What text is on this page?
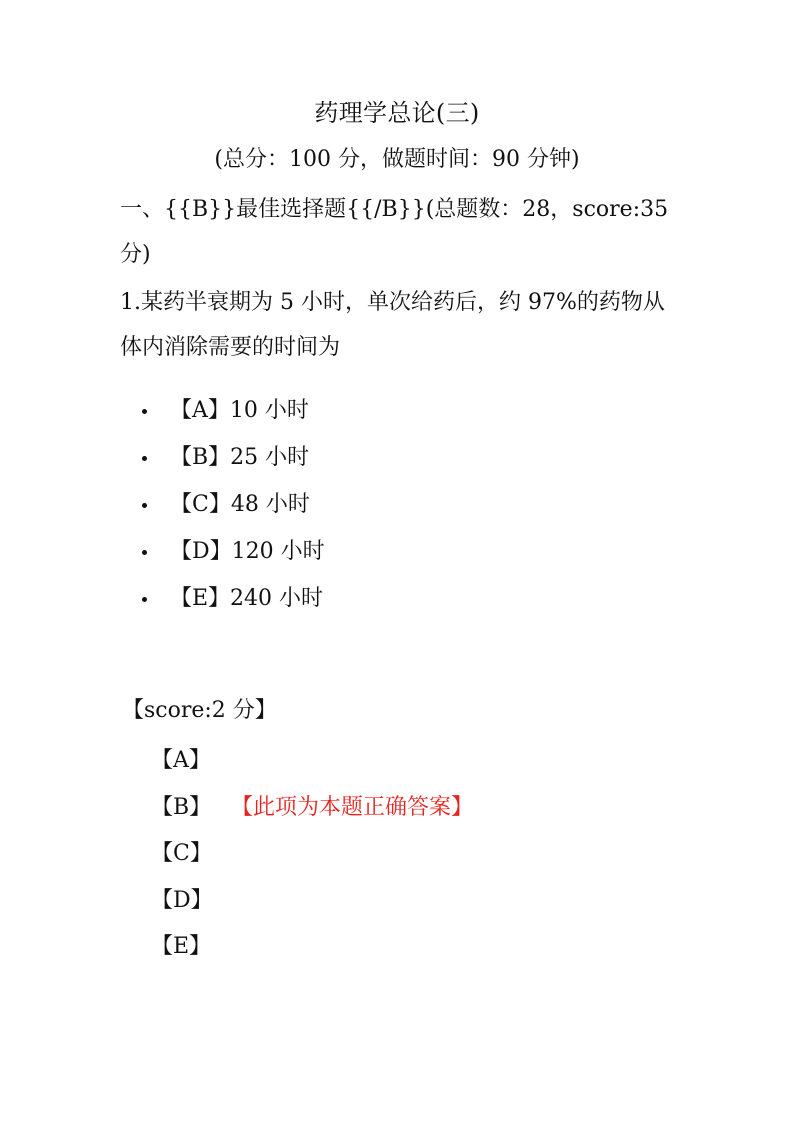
药理学总论(三)
(总分：100 分，做题时间：90 分钟)
一、{{B}}最佳选择题{{/B}}(总题数：28，score:35 分)
1.某药半衰期为 5 小时，单次给药后，约 97%的药物从体内消除需要的时间为
【A】10 小时
【B】25 小时
【C】48 小时
【D】120 小时
【E】240 小时
【score:2 分】
【A】
【B】 【此项为本题正确答案】
【C】
【D】
【E】
